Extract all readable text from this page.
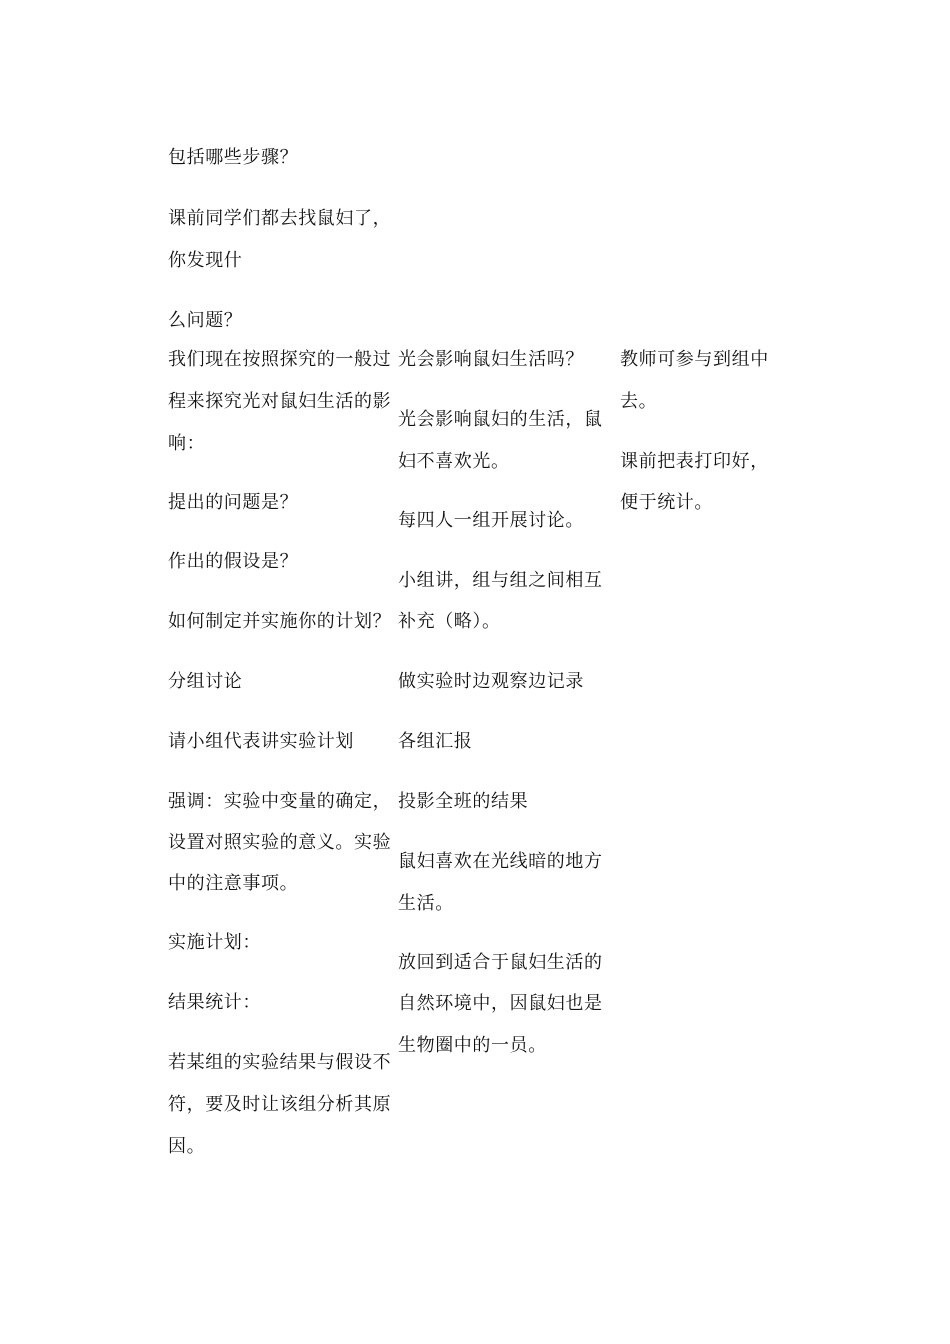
包括哪些步骤？
课前同学们都去找鼠妇了，
你发现什
么问题？
我们现在按照探究的一般过
程来探究光对鼠妇生活的影
响：
提出的问题是？
作出的假设是？
如何制定并实施你的计划？
分组讨论
请小组代表讲实验计划
强调：实验中变量的确定，
设置对照实验的意义。实验
中的注意事项。
实施计划：
结果统计：
若某组的实验结果与假设不
符，要及时让该组分析其原
因。
光会影响鼠妇生活吗？
光会影响鼠妇的生活，鼠
妇不喜欢光。
每四人一组开展讨论。
小组讲，组与组之间相互
补充（略）。
做实验时边观察边记录
各组汇报
投影全班的结果
鼠妇喜欢在光线暗的地方
生活。
放回到适合于鼠妇生活的
自然环境中，因鼠妇也是
生物圈中的一员。
教师可参与到组中
去。
课前把表打印好，
便于统计。
